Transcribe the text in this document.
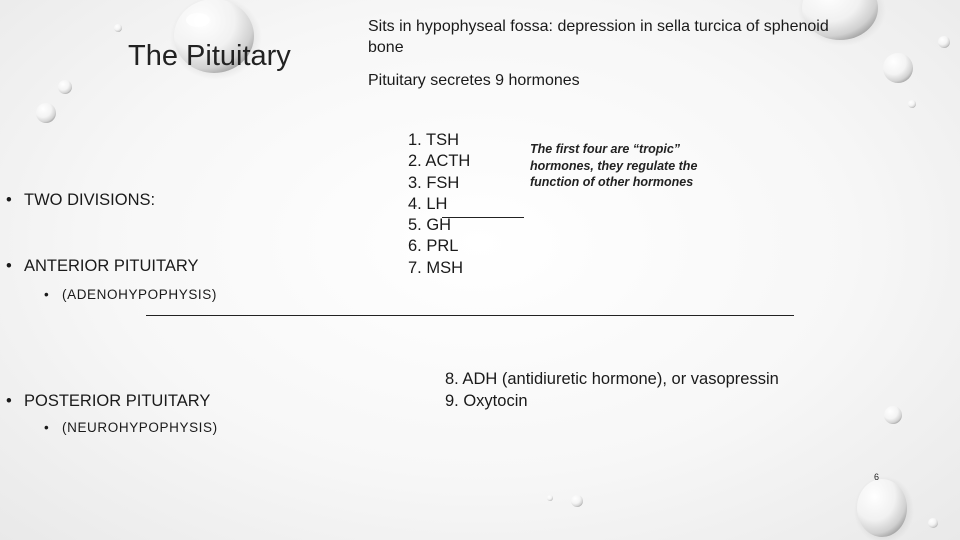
The Pituitary
Sits in hypophyseal fossa: depression in sella turcica of sphenoid bone
Pituitary secretes 9 hormones
1. TSH
2. ACTH
3. FSH
4. LH
5. GH
6. PRL
7. MSH
The first four are “tropic” hormones, they regulate the function of other hormones
• TWO DIVISIONS:
• ANTERIOR PITUITARY
• (ADENOHYPOPHYSIS)
8. ADH (antidiuretic hormone), or vasopressin
9. Oxytocin
• POSTERIOR PITUITARY
• (NEUROHYPOPHYSIS)
6
